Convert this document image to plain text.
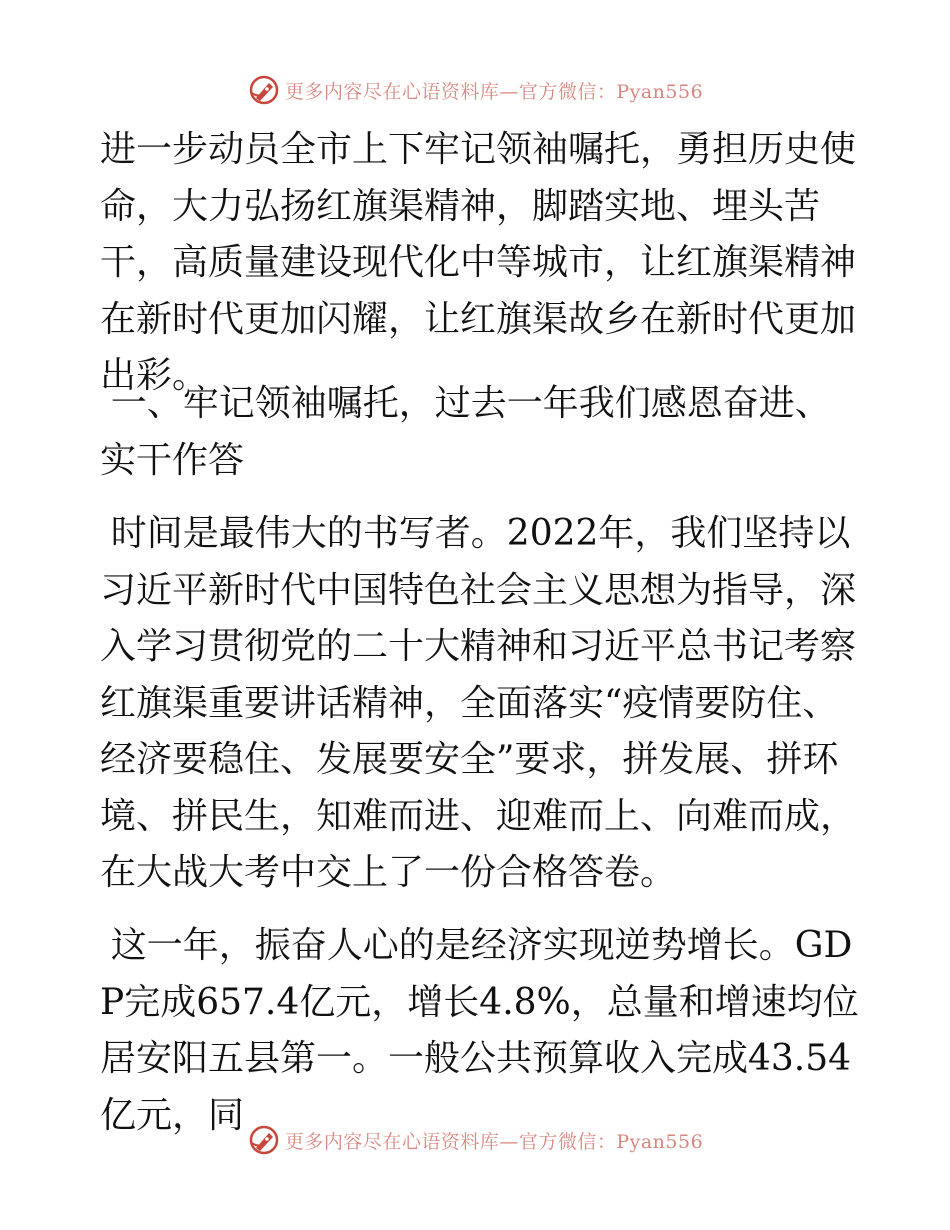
更多内容尽在心语资料库—官方微信：Pyan556

进一步动员全市上下牢记领袖嘱托，勇担历史使命，大力弘扬红旗渠精神，脚踏实地、埋头苦干，高质量建设现代化中等城市，让红旗渠精神在新时代更加闪耀，让红旗渠故乡在新时代更加出彩。

一、牢记领袖嘱托，过去一年我们感恩奋进、实干作答

时间是最伟大的书写者。2022年，我们坚持以习近平新时代中国特色社会主义思想为指导，深入学习贯彻党的二十大精神和习近平总书记考察红旗渠重要讲话精神，全面落实“疫情要防住、经济要稳住、发展要安全”要求，拼发展、拼环境、拼民生，知难而进、迎难而上、向难而成，在大战大考中交上了一份合格答卷。

这一年，振奋人心的是经济实现逆势增长。GDP完成657.4亿元，增长4.8%，总量和增速均位居安阳五县第一。一般公共预算收入完成43.54亿元，同

更多内容尽在心语资料库—官方微信：Pyan556
